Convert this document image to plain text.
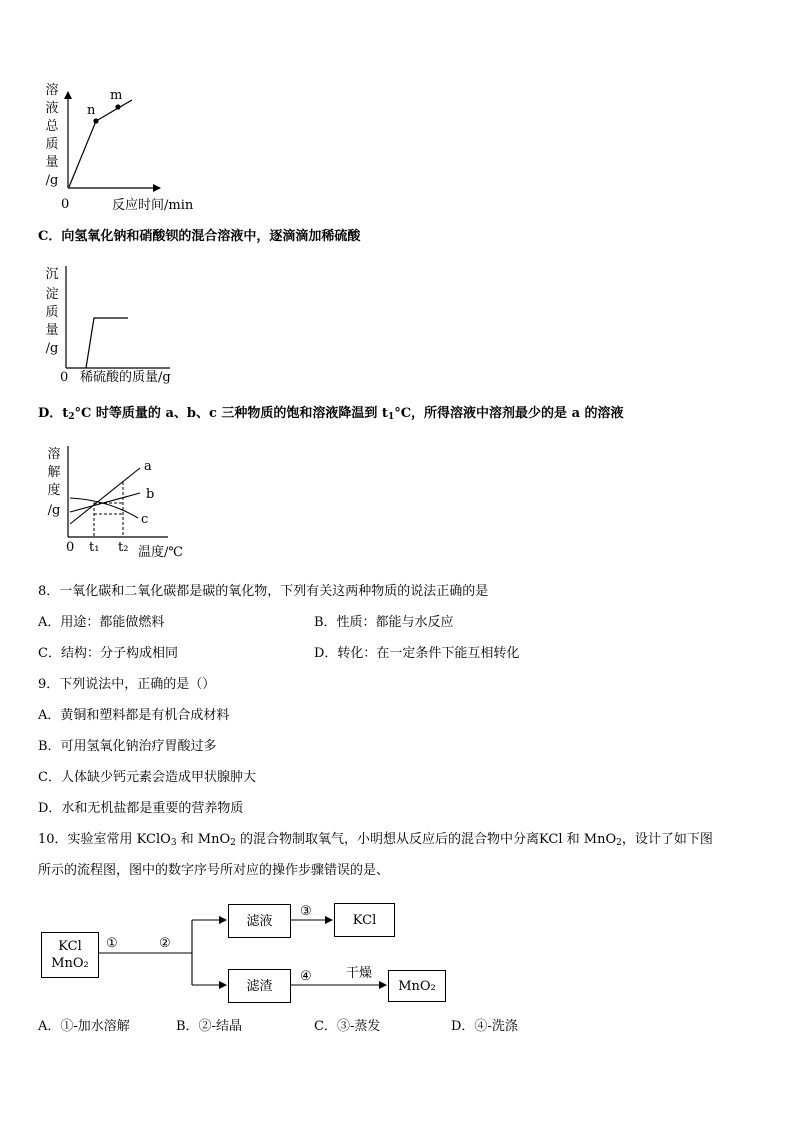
溶
液
总
质
量
/g
0	反应时间/min
n
m
C．向氢氧化钠和硝酸钡的混合溶液中，逐滴滴加稀硫酸
沉
淀
质
量
/g
0 稀硫酸的质量/g
D．$t_2^\circ C$ 时等质量的 a、b、c 三种物质的饱和溶液降温到 $t_1^\circ C$，所得溶液中溶剂最少的是 a 的溶液
溶
解
度
/g
0 t₁ t₂ 温度/℃
a
b
c
8．一氧化碳和二氧化碳都是碳的氧化物，下列有关这两种物质的说法正确的是
A．用途：都能做燃料	B．性质：都能与水反应
C．结构：分子构成相同	D．转化：在一定条件下能互相转化
9．下列说法中，正确的是（）
A．黄铜和塑料都是有机合成材料
B．可用氢氧化钠治疗胃酸过多
C．人体缺少钙元素会造成甲状腺肿大
D．水和无机盐都是重要的营养物质
10．实验室常用 KClO$_3$ 和 MnO$_2$ 的混合物制取氧气，小明想从反应后的混合物中分离KCl 和 MnO$_2$，设计了如下图
所示的流程图，图中的数字序号所对应的操作步骤错误的是、
KCl
MnO₂
①	②
滤液
③
KCl
滤渣
④	干燥
MnO₂
A．①-加水溶解	B．②-结晶	C．③-蒸发	D．④-洗涤
